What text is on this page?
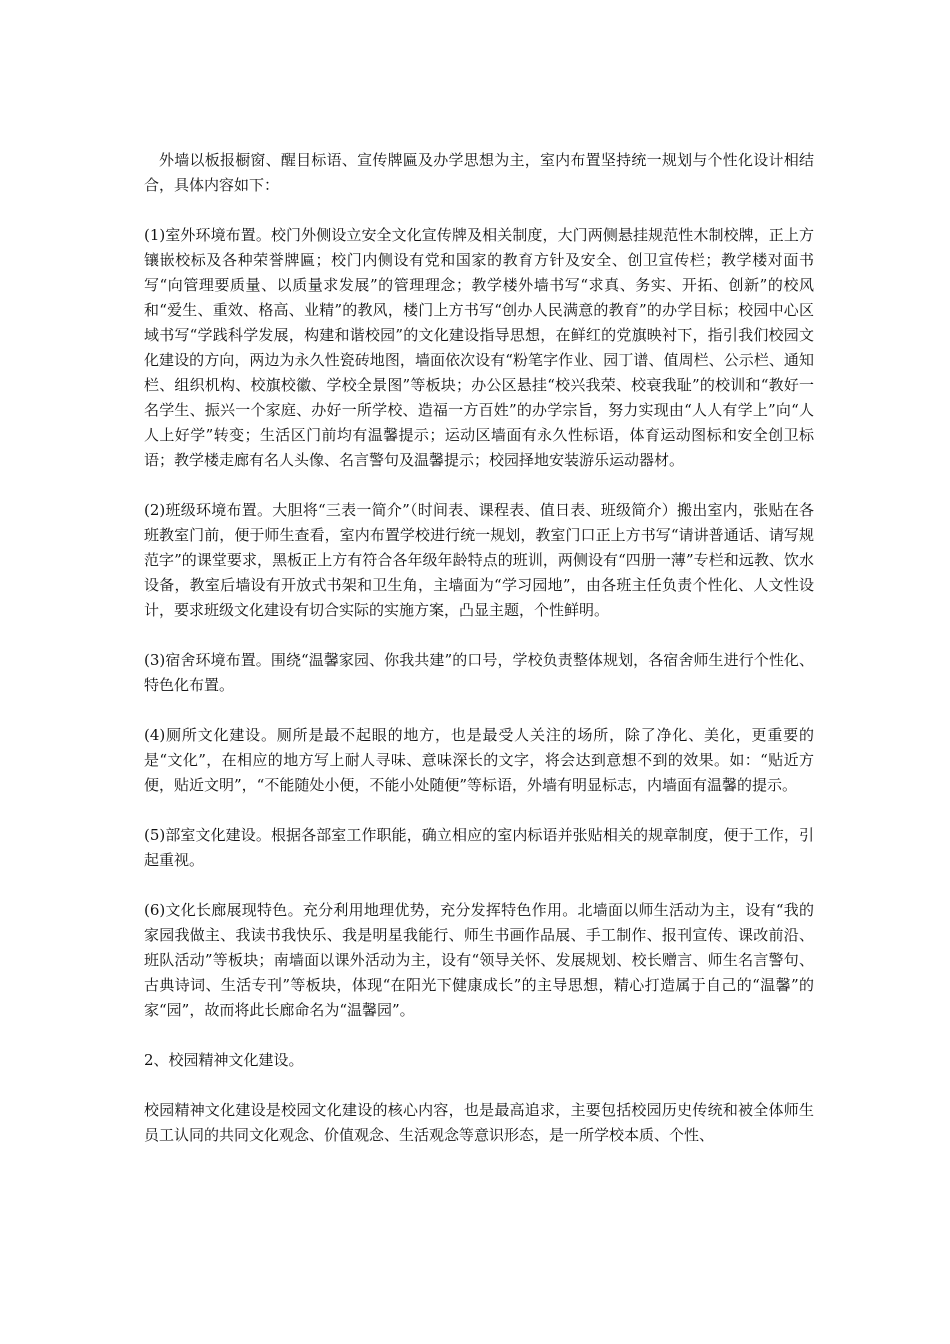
外墙以板报橱窗、醒目标语、宣传牌匾及办学思想为主，室内布置坚持统一规划与个性化设计相结合，具体内容如下：

(1)室外环境布置。校门外侧设立安全文化宣传牌及相关制度，大门两侧悬挂规范性木制校牌，正上方镶嵌校标及各种荣誉牌匾；校门内侧设有党和国家的教育方针及安全、创卫宣传栏；教学楼对面书写“向管理要质量、以质量求发展”的管理理念；教学楼外墙书写“求真、务实、开拓、创新”的校风和“爱生、重效、格高、业精”的教风，楼门上方书写“创办人民满意的教育”的办学目标；校园中心区域书写“学践科学发展，构建和谐校园”的文化建设指导思想，在鲜红的党旗映衬下，指引我们校园文化建设的方向，两边为永久性瓷砖地图，墙面依次设有“粉笔字作业、园丁谱、值周栏、公示栏、通知栏、组织机构、校旗校徽、学校全景图”等板块；办公区悬挂“校兴我荣、校衰我耻”的校训和“教好一名学生、振兴一个家庭、办好一所学校、造福一方百姓”的办学宗旨，努力实现由“人人有学上”向“人人上好学”转变；生活区门前均有温馨提示；运动区墙面有永久性标语，体育运动图标和安全创卫标语；教学楼走廊有名人头像、名言警句及温馨提示；校园择地安装游乐运动器材。

(2)班级环境布置。大胆将“三表一简介”（时间表、课程表、值日表、班级简介）搬出室内，张贴在各班教室门前，便于师生查看，室内布置学校进行统一规划，教室门口正上方书写“请讲普通话、请写规范字”的课堂要求，黑板正上方有符合各年级年龄特点的班训，两侧设有“四册一薄”专栏和远教、饮水设备，教室后墙设有开放式书架和卫生角，主墙面为“学习园地”，由各班主任负责个性化、人文性设计，要求班级文化建设有切合实际的实施方案，凸显主题，个性鲜明。

(3)宿舍环境布置。围绕“温馨家园、你我共建”的口号，学校负责整体规划，各宿舍师生进行个性化、特色化布置。

(4)厕所文化建设。厕所是最不起眼的地方，也是最受人关注的场所，除了净化、美化，更重要的是“文化”，在相应的地方写上耐人寻味、意味深长的文字，将会达到意想不到的效果。如：“贴近方便，贴近文明”，“不能随处小便，不能小处随便”等标语，外墙有明显标志，内墙面有温馨的提示。

(5)部室文化建设。根据各部室工作职能，确立相应的室内标语并张贴相关的规章制度，便于工作，引起重视。

(6)文化长廊展现特色。充分利用地理优势，充分发挥特色作用。北墙面以师生活动为主，设有“我的家园我做主、我读书我快乐、我是明星我能行、师生书画作品展、手工制作、报刊宣传、课改前沿、班队活动”等板块；南墙面以课外活动为主，设有“领导关怀、发展规划、校长赠言、师生名言警句、古典诗词、生活专刊”等板块，体现“在阳光下健康成长”的主导思想，精心打造属于自己的“温馨”的家“园”，故而将此长廊命名为“温馨园”。

2、校园精神文化建设。

校园精神文化建设是校园文化建设的核心内容，也是最高追求，主要包括校园历史传统和被全体师生员工认同的共同文化观念、价值观念、生活观念等意识形态，是一所学校本质、个性、
